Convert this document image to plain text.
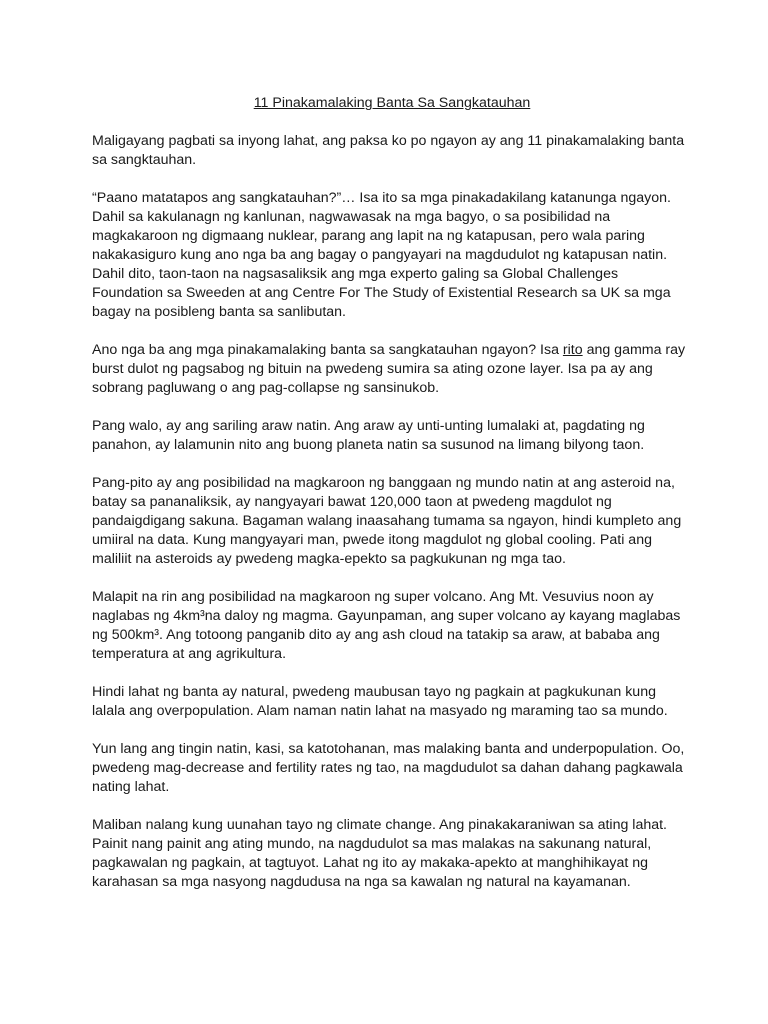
11 Pinakamalaking Banta Sa Sangkatauhan

Maligayang pagbati sa inyong lahat, ang paksa ko po ngayon ay ang 11 pinakamalaking banta sa sangktauhan.

“Paano matatapos ang sangkatauhan?”… Isa ito sa mga pinakadakilang katanunga ngayon. Dahil sa kakulanagn ng kanlunan, nagwawasak na mga bagyo, o sa posibilidad na magkakaroon ng digmaang nuklear, parang ang lapit na ng katapusan, pero wala paring nakakasiguro kung ano nga ba ang bagay o pangyayari na magdudulot ng katapusan natin. Dahil dito, taon-taon na nagsasaliksik ang mga experto galing sa Global Challenges Foundation sa Sweeden at ang Centre For The Study of Existential Research sa UK sa mga bagay na posibleng banta sa sanlibutan.

Ano nga ba ang mga pinakamalaking banta sa sangkatauhan ngayon? Isa rito ang gamma ray burst dulot ng pagsabog ng bituin na pwedeng sumira sa ating ozone layer. Isa pa ay ang sobrang pagluwang o ang pag-collapse ng sansinukob.

Pang walo, ay ang sariling araw natin. Ang araw ay unti-unting lumalaki at, pagdating ng panahon, ay lalamunin nito ang buong planeta natin sa susunod na limang bilyong taon.

Pang-pito ay ang posibilidad na magkaroon ng banggaan ng mundo natin at ang asteroid na, batay sa pananaliksik, ay nangyayari bawat 120,000 taon at pwedeng magdulot ng pandaigdigang sakuna. Bagaman walang inaasahang tumama sa ngayon, hindi kumpleto ang umiiral na data. Kung mangyayari man, pwede itong magdulot ng global cooling. Pati ang maliliit na asteroids ay pwedeng magka-epekto sa pagkukunan ng mga tao.

Malapit na rin ang posibilidad na magkaroon ng super volcano. Ang Mt. Vesuvius noon ay naglabas ng 4km³na daloy ng magma. Gayunpaman, ang super volcano ay kayang maglabas ng 500km³. Ang totoong panganib dito ay ang ash cloud na tatakip sa araw, at bababa ang temperatura at ang agrikultura.

Hindi lahat ng banta ay natural, pwedeng maubusan tayo ng pagkain at pagkukunan kung lalala ang overpopulation. Alam naman natin lahat na masyado ng maraming tao sa mundo.

Yun lang ang tingin natin, kasi, sa katotohanan, mas malaking banta and underpopulation. Oo, pwedeng mag-decrease and fertility rates ng tao, na magdudulot sa dahan dahang pagkawala nating lahat.

Maliban nalang kung uunahan tayo ng climate change. Ang pinakakaraniwan sa ating lahat. Painit nang painit ang ating mundo, na nagdudulot sa mas malakas na sakunang natural, pagkawalan ng pagkain, at tagtuyot. Lahat ng ito ay makaka-apekto at manghihikayat ng karahasan sa mga nasyong nagdudusa na nga sa kawalan ng natural na kayamanan.
